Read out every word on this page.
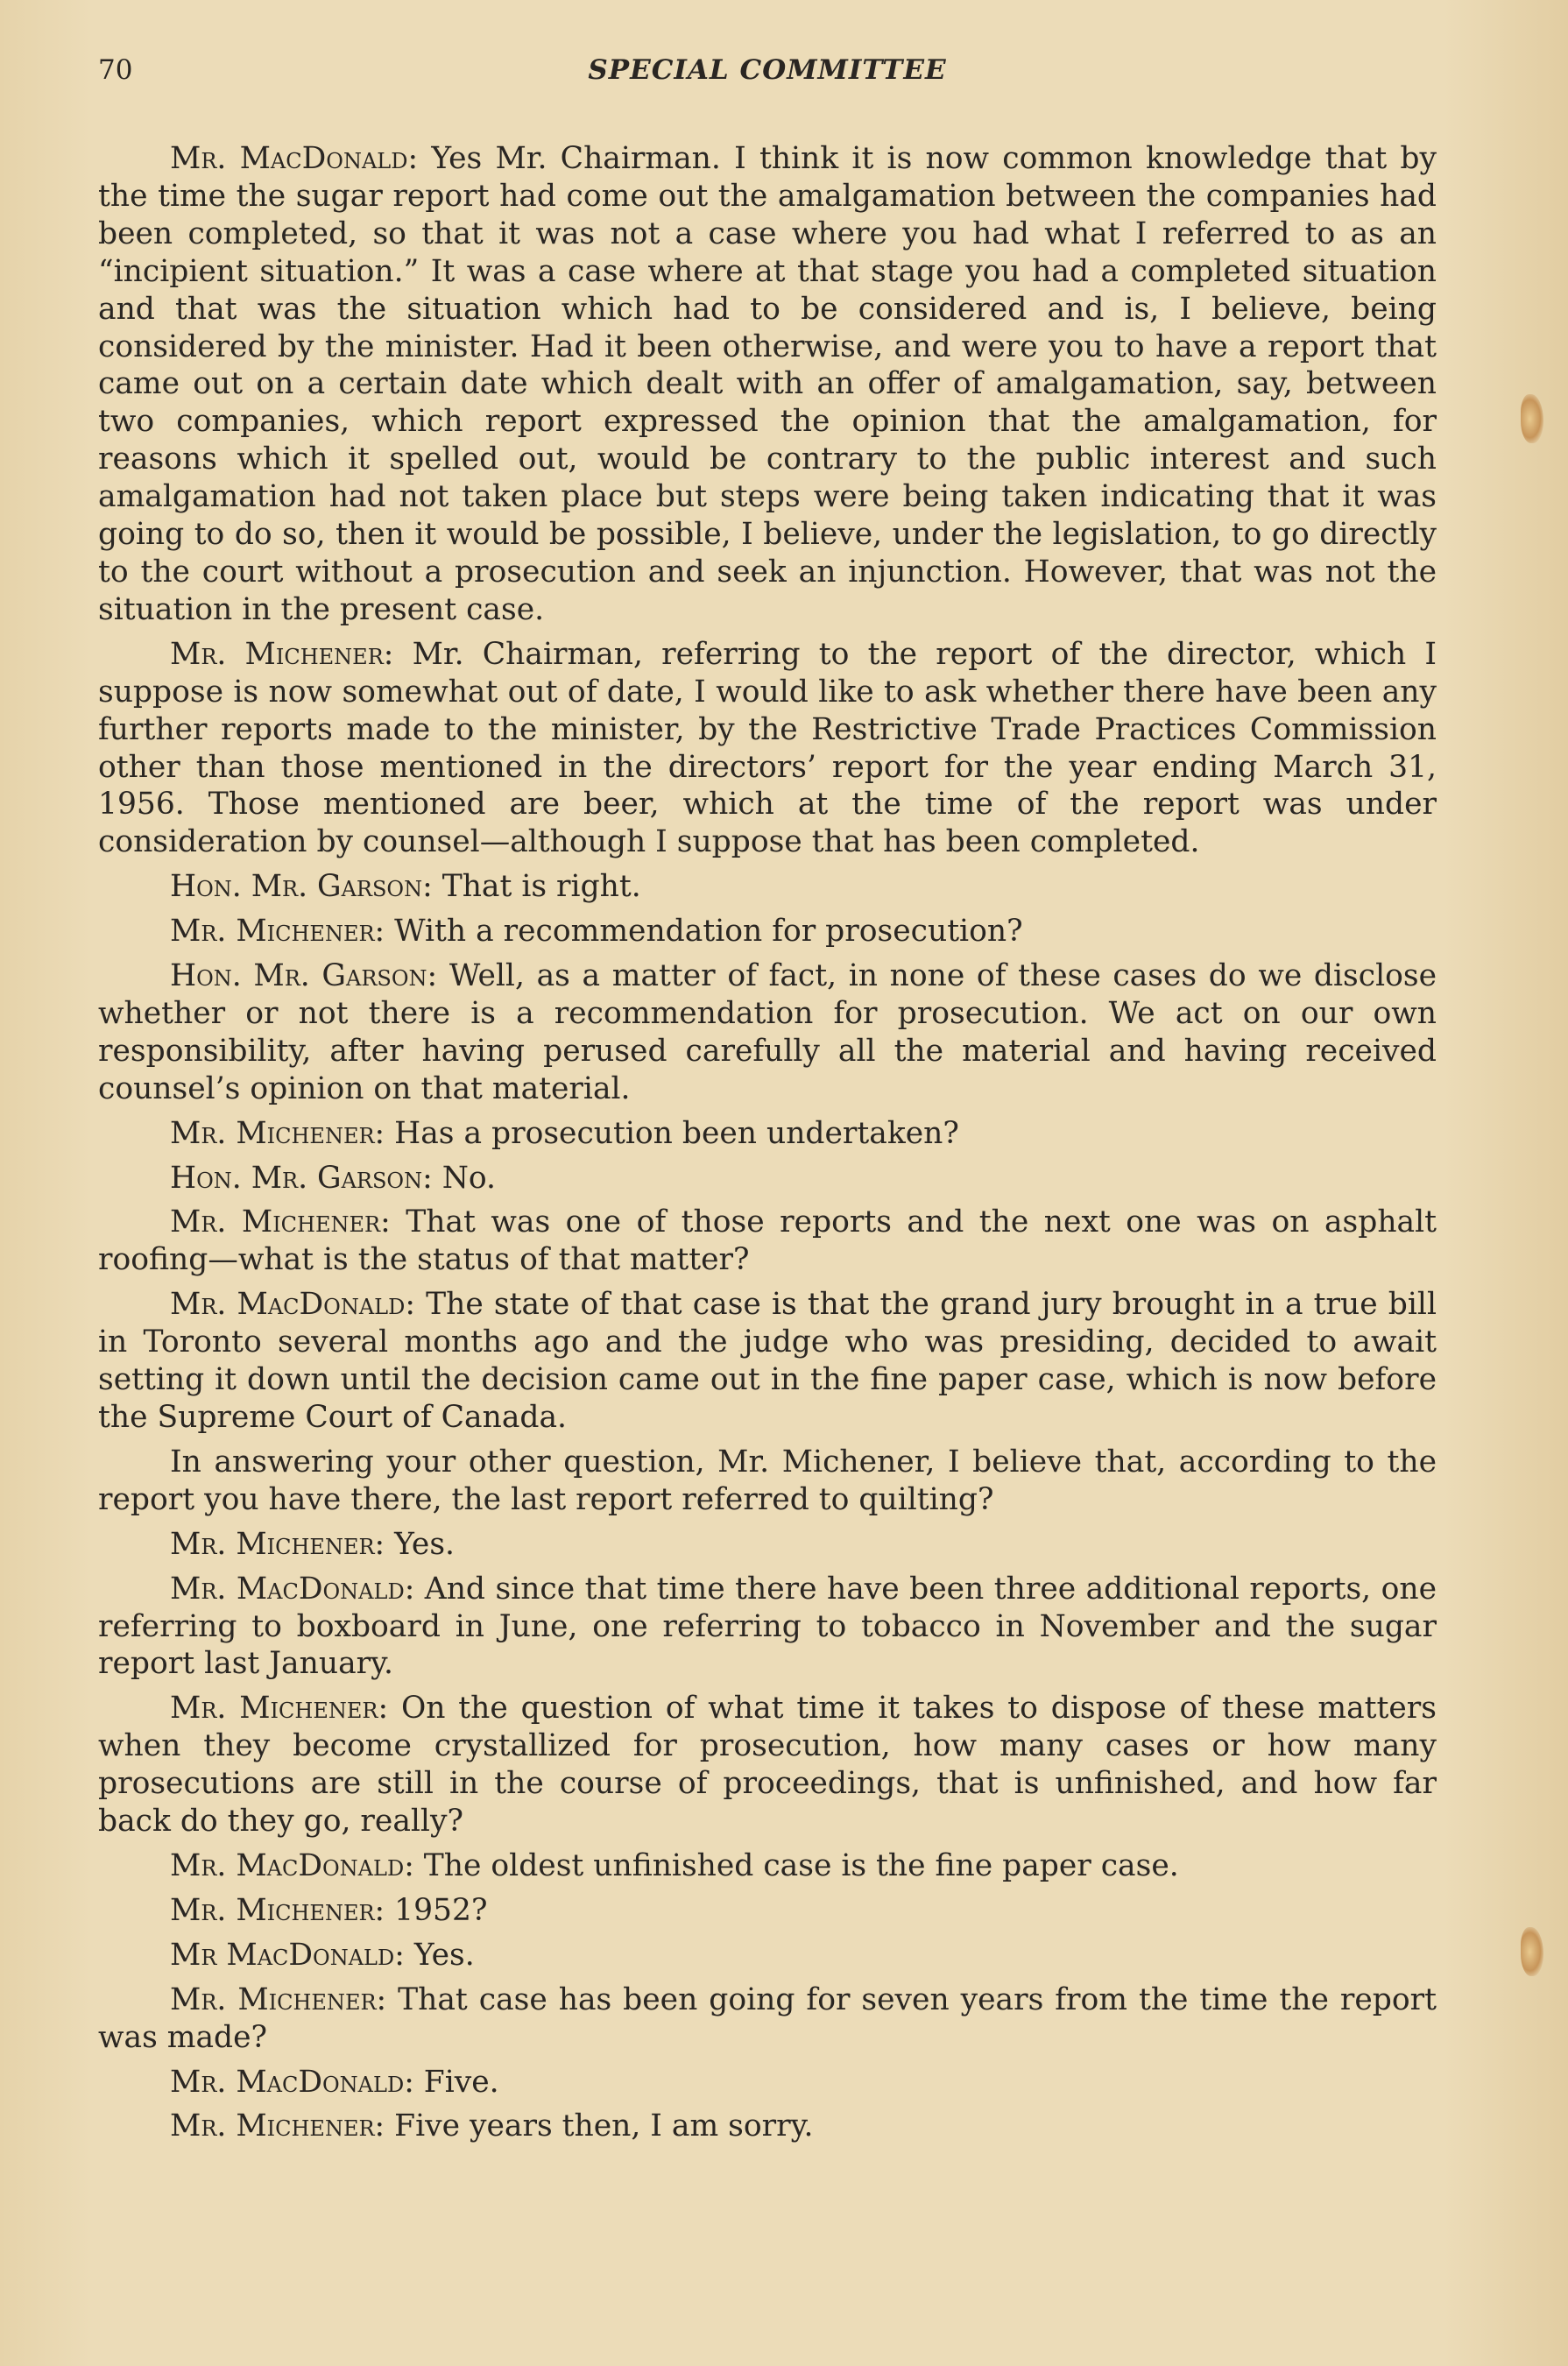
70	SPECIAL COMMITTEE

Mr. MacDonald: Yes Mr. Chairman. I think it is now common knowledge that by the time the sugar report had come out the amalgamation between the companies had been completed, so that it was not a case where you had what I referred to as an “incipient situation.” It was a case where at that stage you had a completed situation and that was the situation which had to be considered and is, I believe, being considered by the minister. Had it been otherwise, and were you to have a report that came out on a certain date which dealt with an offer of amalgamation, say, between two companies, which report expressed the opinion that the amalgamation, for reasons which it spelled out, would be contrary to the public interest and such amalgamation had not taken place but steps were being taken indicating that it was going to do so, then it would be possible, I believe, under the legislation, to go directly to the court without a prosecution and seek an injunction. However, that was not the situation in the present case.

Mr. Michener: Mr. Chairman, referring to the report of the director, which I suppose is now somewhat out of date, I would like to ask whether there have been any further reports made to the minister, by the Restrictive Trade Practices Commission other than those mentioned in the directors’ report for the year ending March 31, 1956. Those mentioned are beer, which at the time of the report was under consideration by counsel—although I suppose that has been completed.

Hon. Mr. Garson: That is right.

Mr. Michener: With a recommendation for prosecution?

Hon. Mr. Garson: Well, as a matter of fact, in none of these cases do we disclose whether or not there is a recommendation for prosecution. We act on our own responsibility, after having perused carefully all the material and having received counsel’s opinion on that material.

Mr. Michener: Has a prosecution been undertaken?

Hon. Mr. Garson: No.

Mr. Michener: That was one of those reports and the next one was on asphalt roofing—what is the status of that matter?

Mr. MacDonald: The state of that case is that the grand jury brought in a true bill in Toronto several months ago and the judge who was presiding, decided to await setting it down until the decision came out in the fine paper case, which is now before the Supreme Court of Canada.

In answering your other question, Mr. Michener, I believe that, according to the report you have there, the last report referred to quilting?

Mr. Michener: Yes.

Mr. MacDonald: And since that time there have been three additional reports, one referring to boxboard in June, one referring to tobacco in November and the sugar report last January.

Mr. Michener: On the question of what time it takes to dispose of these matters when they become crystallized for prosecution, how many cases or how many prosecutions are still in the course of proceedings, that is unfinished, and how far back do they go, really?

Mr. MacDonald: The oldest unfinished case is the fine paper case.

Mr. Michener: 1952?

Mr MacDonald: Yes.

Mr. Michener: That case has been going for seven years from the time the report was made?

Mr. MacDonald: Five.

Mr. Michener: Five years then, I am sorry.
